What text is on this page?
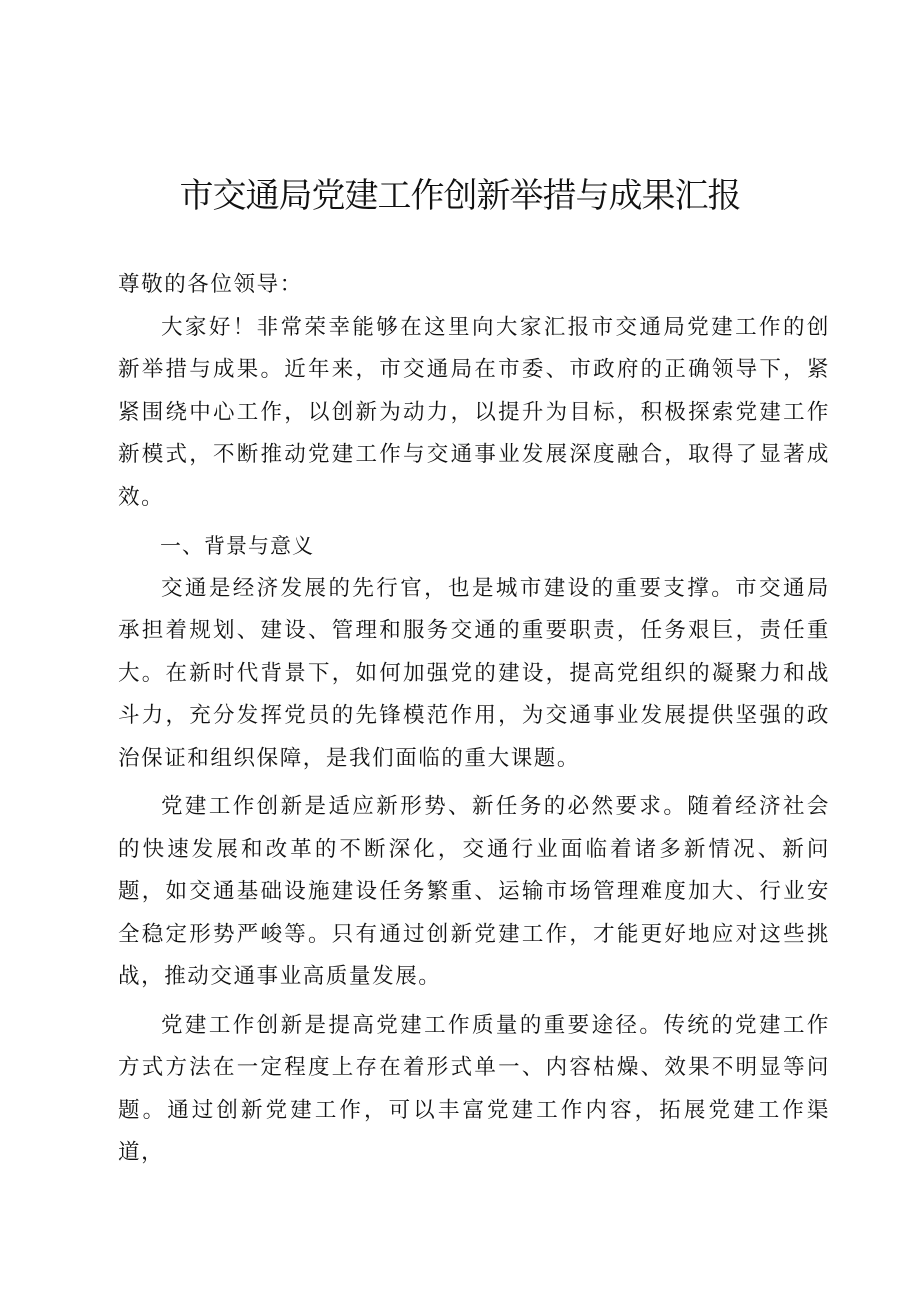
市交通局党建工作创新举措与成果汇报

尊敬的各位领导：

大家好！非常荣幸能够在这里向大家汇报市交通局党建工作的创新举措与成果。近年来，市交通局在市委、市政府的正确领导下，紧紧围绕中心工作，以创新为动力，以提升为目标，积极探索党建工作新模式，不断推动党建工作与交通事业发展深度融合，取得了显著成效。

一、背景与意义

交通是经济发展的先行官，也是城市建设的重要支撑。市交通局承担着规划、建设、管理和服务交通的重要职责，任务艰巨，责任重大。在新时代背景下，如何加强党的建设，提高党组织的凝聚力和战斗力，充分发挥党员的先锋模范作用，为交通事业发展提供坚强的政治保证和组织保障，是我们面临的重大课题。

党建工作创新是适应新形势、新任务的必然要求。随着经济社会的快速发展和改革的不断深化，交通行业面临着诸多新情况、新问题，如交通基础设施建设任务繁重、运输市场管理难度加大、行业安全稳定形势严峻等。只有通过创新党建工作，才能更好地应对这些挑战，推动交通事业高质量发展。

党建工作创新是提高党建工作质量的重要途径。传统的党建工作方式方法在一定程度上存在着形式单一、内容枯燥、效果不明显等问题。通过创新党建工作，可以丰富党建工作内容，拓展党建工作渠道，
